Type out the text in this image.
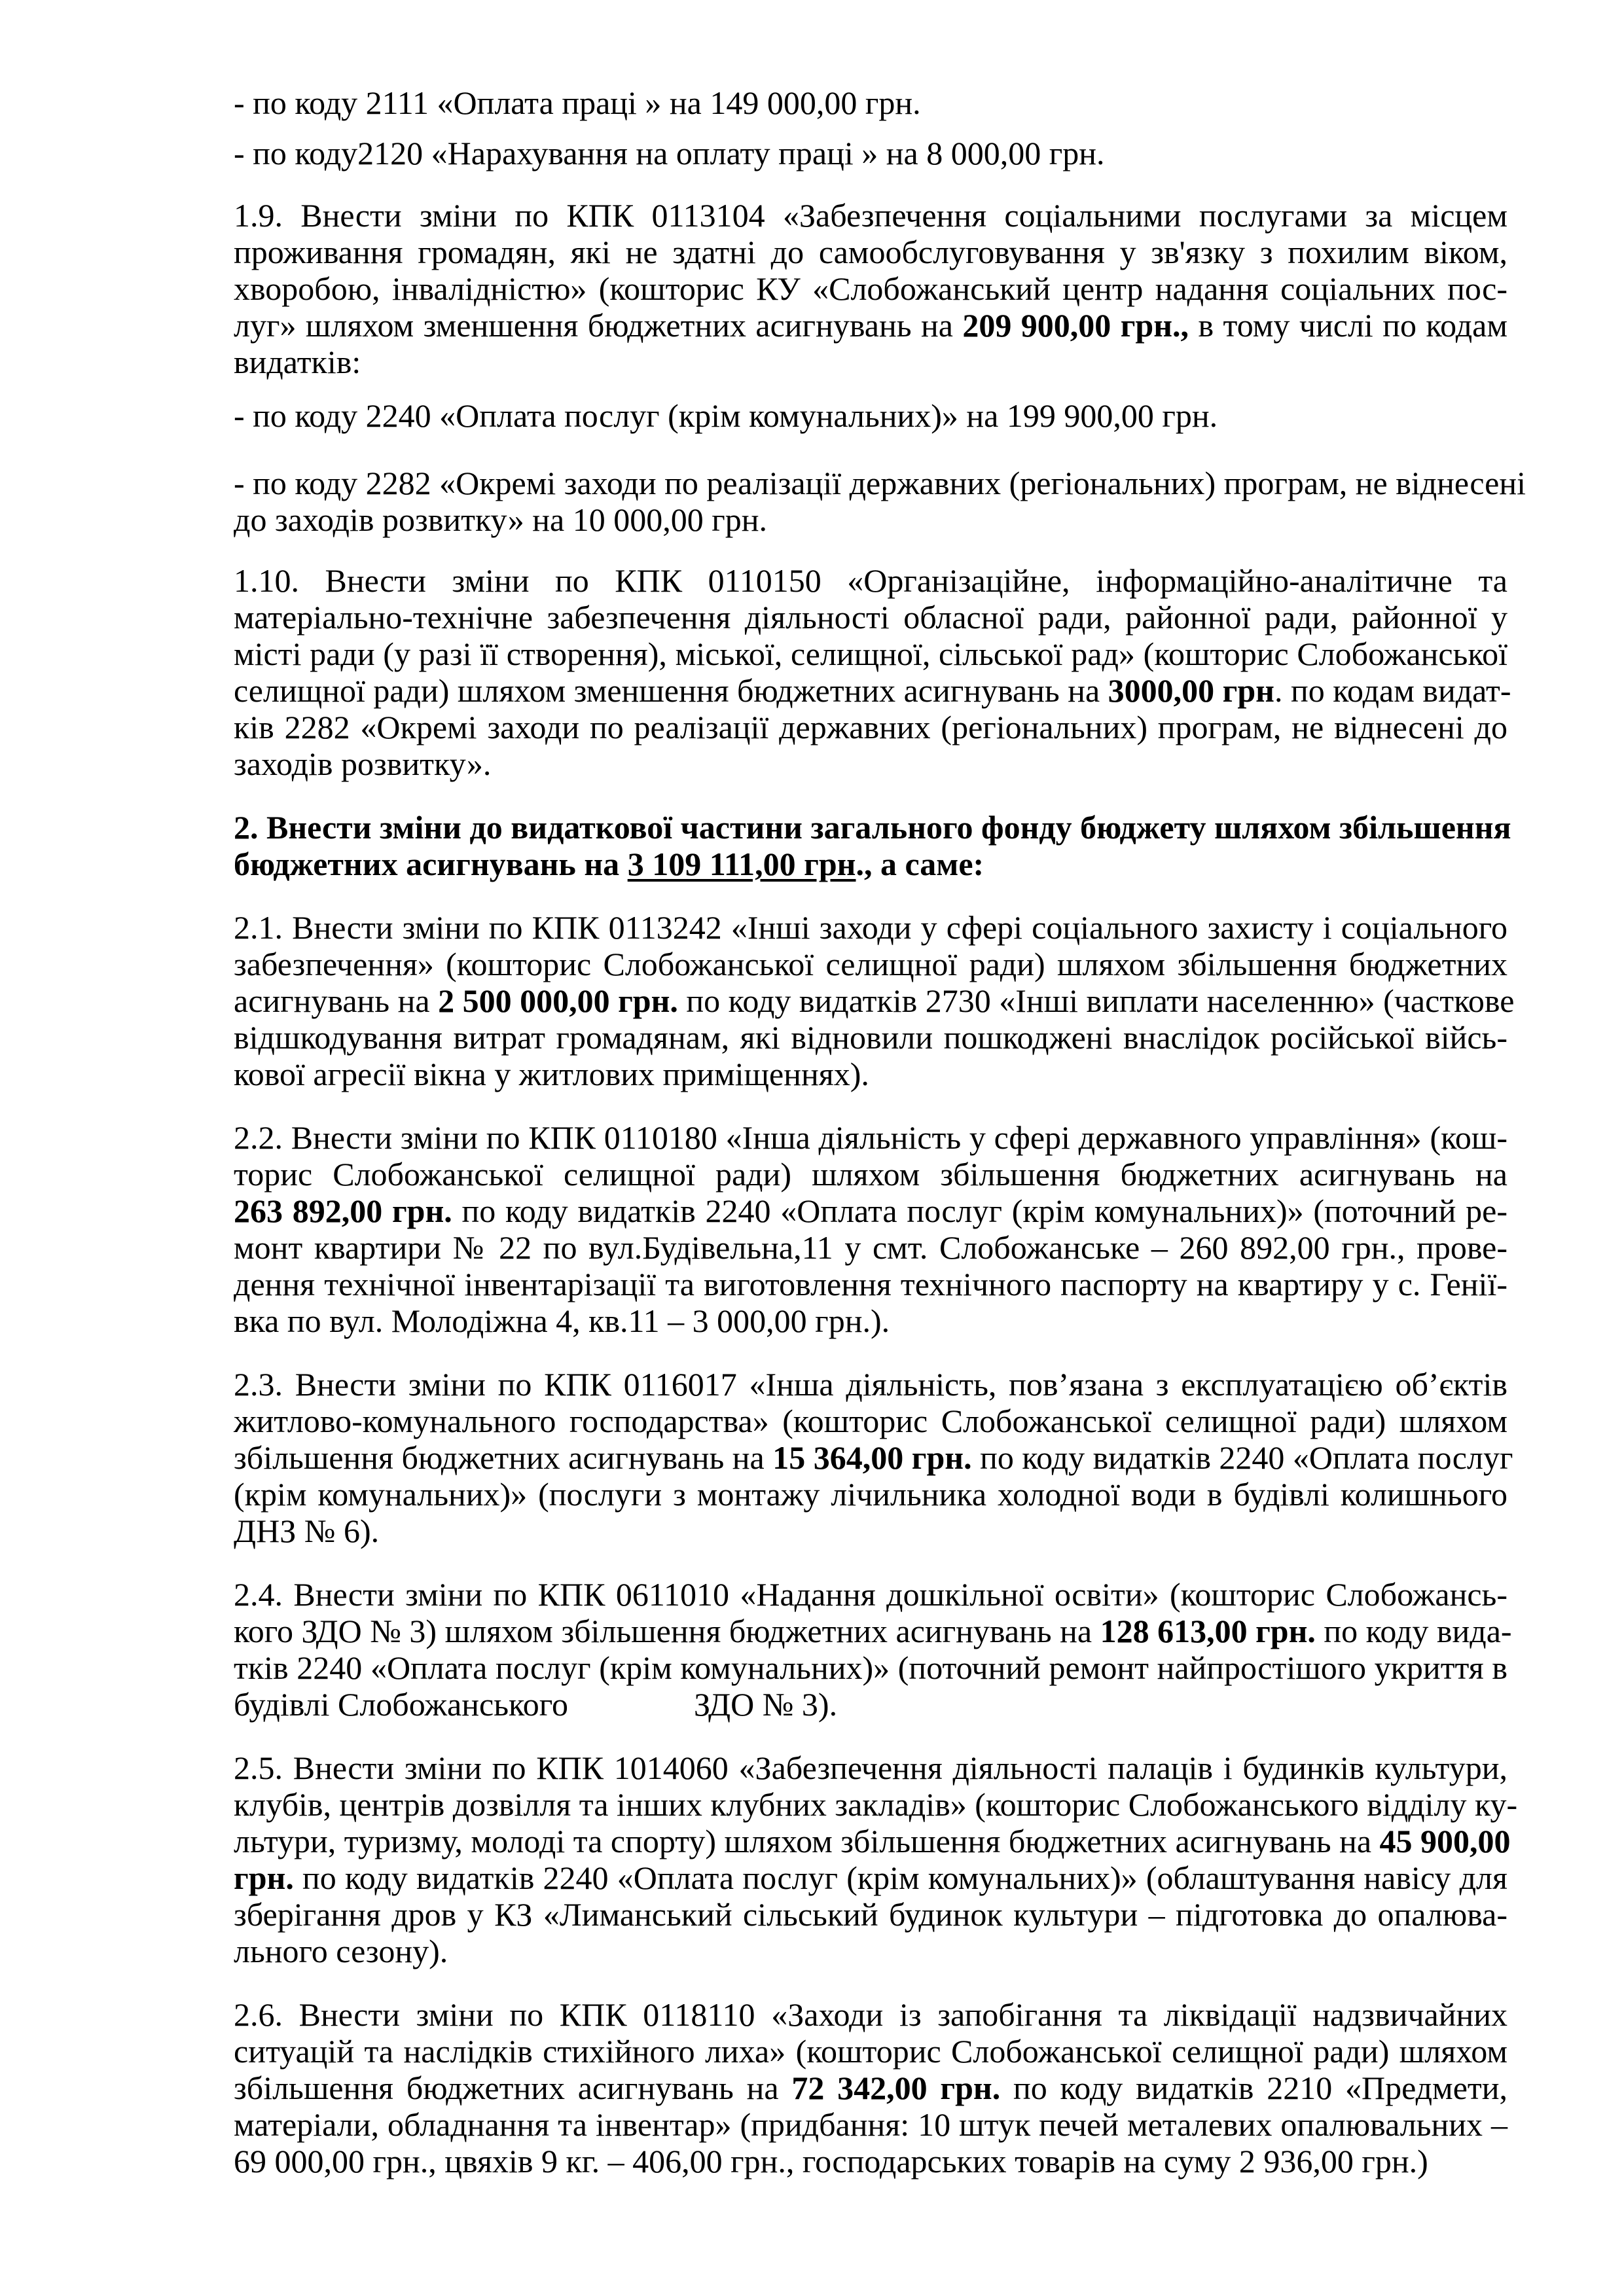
- по коду 2111 «Оплата праці » на 149 000,00 грн.
- по коду2120 «Нарахування на оплату праці » на 8 000,00 грн.
1.9. Внести зміни по КПК 0113104 «Забезпечення соціальними послугами за місцем
проживання громадян, які не здатні до самообслуговування у зв'язку з похилим віком,
хворобою, інвалідністю» (кошторис КУ «Слобожанський центр надання соціальних пос-
луг» шляхом зменшення бюджетних асигнувань на 209 900,00 грн., в тому числі по кодам
видатків:
- по коду 2240 «Оплата послуг (крім комунальних)» на 199 900,00 грн.
- по коду 2282 «Окремі заходи по реалізації державних (регіональних) програм, не віднесені
до заходів розвитку» на 10 000,00 грн.
1.10. Внести зміни по КПК 0110150 «Організаційне, інформаційно-аналітичне та
матеріально-технічне забезпечення діяльності обласної ради, районної ради, районної у
місті ради (у разі її створення), міської, селищної, сільської рад» (кошторис Слобожанської
селищної ради) шляхом зменшення бюджетних асигнувань на 3000,00 грн. по кодам видат-
ків 2282 «Окремі заходи по реалізації державних (регіональних) програм, не віднесені до
заходів розвитку».
2. Внести зміни до видаткової частини загального фонду бюджету шляхом збільшення
бюджетних асигнувань на 3 109 111,00 грн., а саме:
2.1. Внести зміни по КПК 0113242 «Інші заходи у сфері соціального захисту і соціального
забезпечення» (кошторис Слобожанської селищної ради) шляхом збільшення бюджетних
асигнувань на 2 500 000,00 грн. по коду видатків 2730 «Інші виплати населенню» (часткове
відшкодування витрат громадянам, які відновили пошкоджені внаслідок російської війсь-
кової агресії вікна у житлових приміщеннях).
2.2. Внести зміни по КПК 0110180 «Інша діяльність у сфері державного управління» (кош-
торис Слобожанської селищної ради) шляхом збільшення бюджетних асигнувань на
263 892,00 грн. по коду видатків 2240 «Оплата послуг (крім комунальних)» (поточний ре-
монт квартири № 22 по вул.Будівельна,11 у смт. Слобожанське – 260 892,00 грн., прове-
дення технічної інвентарізації та виготовлення технічного паспорту на квартиру у с. Генії-
вка по вул. Молодіжна 4, кв.11 – 3 000,00 грн.).
2.3. Внести зміни по КПК 0116017 «Інша діяльність, пов’язана з експлуатацією об’єктів
житлово-комунального господарства» (кошторис Слобожанської селищної ради) шляхом
збільшення бюджетних асигнувань на 15 364,00 грн. по коду видатків 2240 «Оплата послуг
(крім комунальних)» (послуги з монтажу лічильника холодної води в будівлі колишнього
ДНЗ № 6).
2.4. Внести зміни по КПК 0611010 «Надання дошкільної освіти» (кошторис Слобожансь-
кого ЗДО № 3) шляхом збільшення бюджетних асигнувань на 128 613,00 грн. по коду вида-
тків 2240 «Оплата послуг (крім комунальних)» (поточний ремонт найпростішого укриття в
будівлі Слобожанського	ЗДО № 3).
2.5. Внести зміни по КПК 1014060 «Забезпечення діяльності палаців і будинків культури,
клубів, центрів дозвілля та інших клубних закладів» (кошторис Слобожанського відділу ку-
льтури, туризму, молоді та спорту) шляхом збільшення бюджетних асигнувань на 45 900,00
грн. по коду видатків 2240 «Оплата послуг (крім комунальних)» (облаштування навісу для
зберігання дров у КЗ «Лиманський сільський будинок культури – підготовка до опалюва-
льного сезону).
2.6. Внести зміни по КПК 0118110 «Заходи із запобігання та ліквідації надзвичайних
ситуацій та наслідків стихійного лиха» (кошторис Слобожанської селищної ради) шляхом
збільшення бюджетних асигнувань на 72 342,00 грн. по коду видатків 2210 «Предмети,
матеріали, обладнання та інвентар» (придбання: 10 штук печей металевих опалювальних –
69 000,00 грн., цвяхів 9 кг. – 406,00 грн., господарських товарів на суму 2 936,00 грн.)
